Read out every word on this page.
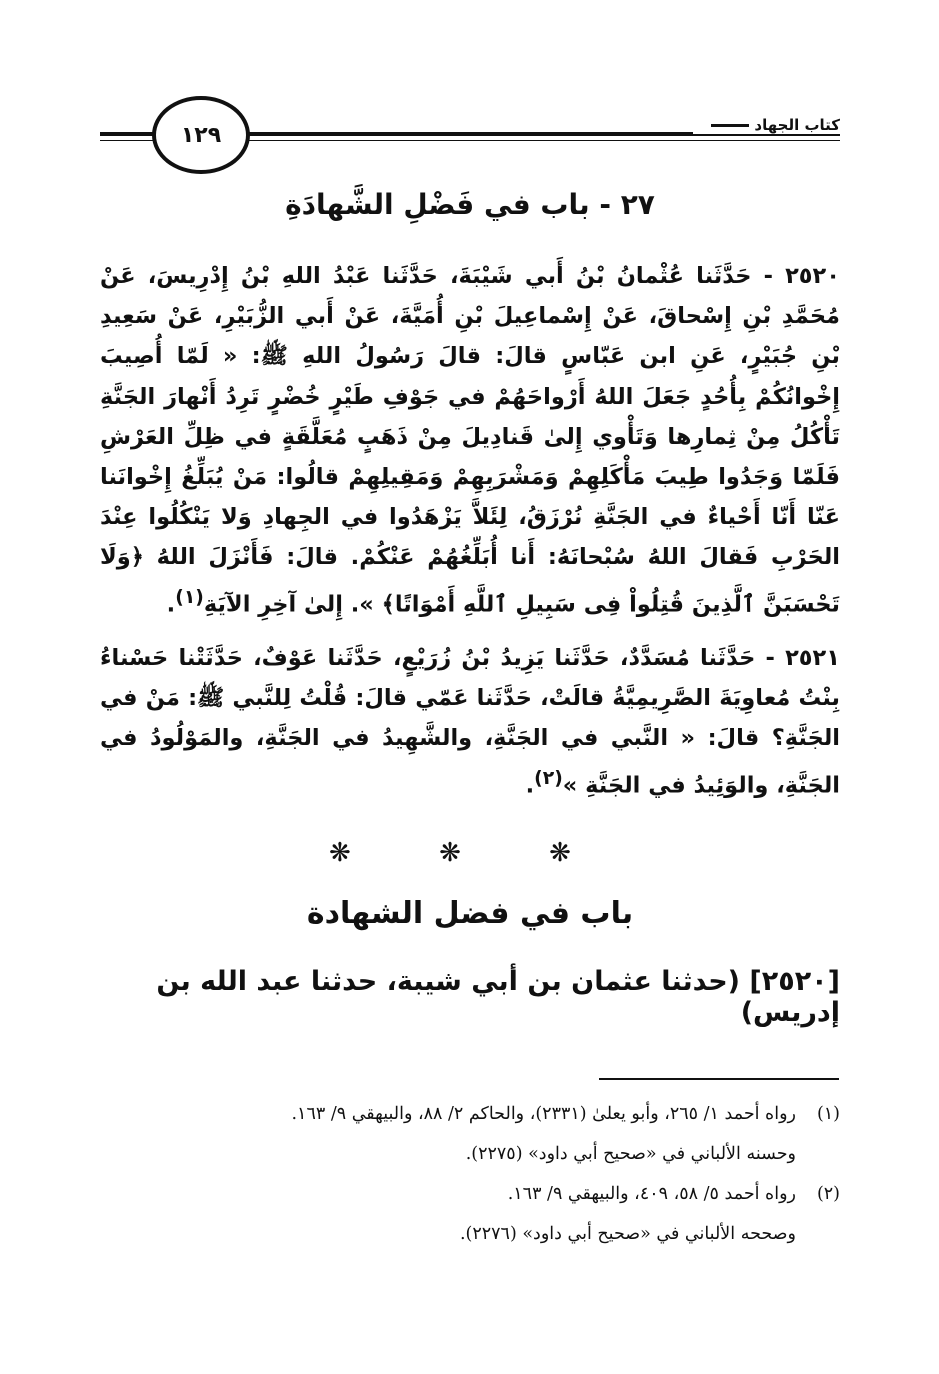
كتاب الجهاد
١٢٩
٢٧ - باب في فَضْلِ الشَّهادَةِ

٢٥٢٠ - حَدَّثَنا عُثْمانُ بْنُ أَبي شَيْبَةَ، حَدَّثَنا عَبْدُ اللهِ بْنُ إِدْرِيسَ، عَنْ مُحَمَّدِ بْنِ إِسْحاقَ، عَنْ إِسْماعِيلَ بْنِ أُمَيَّةَ، عَنْ أَبي الزُّبَيْرِ، عَنْ سَعِيدِ بْنِ جُبَيْرٍ، عَنِ ابن عَبّاسٍ قالَ: قالَ رَسُولُ اللهِ ﷺ: « لَمّا أُصِيبَ إِخْوانُكُمْ بِأُحُدٍ جَعَلَ اللهُ أَرْواحَهُمْ في جَوْفِ طَيْرٍ خُضْرٍ تَرِدُ أَنْهارَ الجَنَّةِ تَأْكُلُ مِنْ ثِمارِها وَتَأْوي إِلىٰ قَنادِيلَ مِنْ ذَهَبٍ مُعَلَّقَةٍ في ظِلِّ العَرْشِ فَلَمّا وَجَدُوا طِيبَ مَأْكَلِهِمْ وَمَشْرَبِهِمْ وَمَقِيلِهِمْ قالُوا: مَنْ يُبَلِّغُ إِخْوانَنا عَنّا أَنّا أَحْياءٌ في الجَنَّةِ نُرْزَقُ، لِئَلاَّ يَزْهَدُوا في الجِهادِ وَلا يَنْكُلُوا عِنْدَ الحَرْبِ فَقالَ اللهُ سُبْحانَهُ: أَنا أُبَلِّغُهُمْ عَنْكُمْ. قالَ: فَأَنْزَلَ اللهُ ﴿وَلَا تَحْسَبَنَّ ٱلَّذِينَ قُتِلُواْ فِى سَبِيلِ ٱللَّهِ أَمْوَاتًا﴾ ». إِلىٰ آخِرِ الآيَةِ$^{(١)}$.

٢٥٢١ - حَدَّثَنا مُسَدَّدٌ، حَدَّثَنا يَزِيدُ بْنُ زُرَيْعٍ، حَدَّثَنا عَوْفٌ، حَدَّثَتْنا حَسْناءُ بِنْتُ مُعاوِيَةَ الصَّرِيمِيَّةُ قالَتْ، حَدَّثَنا عَمّي قالَ: قُلْتُ لِلنَّبي ﷺ: مَنْ في الجَنَّةِ؟ قالَ: « النَّبي في الجَنَّةِ، والشَّهِيدُ في الجَنَّةِ، والمَوْلُودُ في الجَنَّةِ، والوَئِيدُ في الجَنَّةِ »$^{(٢)}$.

❋ ❋ ❋
باب في فضل الشهادة
[٢٥٢٠] (حدثنا عثمان بن أبي شيبة، حدثنا عبد الله بن إدريس)
(١)
رواه أحمد ١/ ٢٦٥، وأبو يعلىٰ (٢٣٣١)، والحاكم ٢/ ٨٨، والبيهقي ٩/ ١٦٣.
وحسنه الألباني في «صحيح أبي داود» (٢٢٧٥).
(٢)
رواه أحمد ٥/ ٥٨، ٤٠٩، والبيهقي ٩/ ١٦٣.
وصححه الألباني في «صحيح أبي داود» (٢٢٧٦).
